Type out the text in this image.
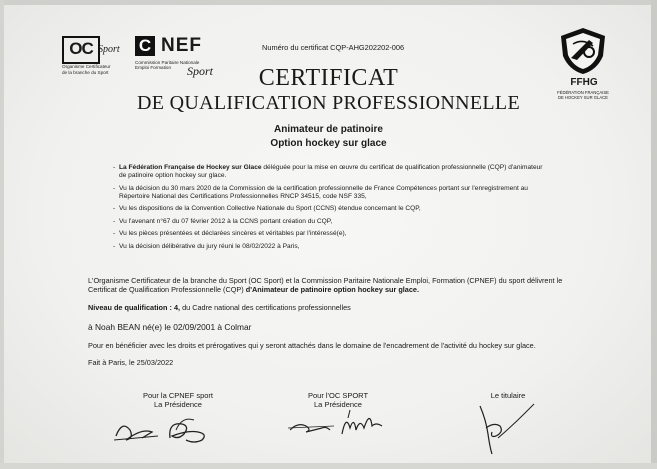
OC Sport
Organisme Certificateur
de la branche du Sport
C NEF
Commission Paritaire Nationale
Emploi Formation Sport
Numéro du certificat CQP-AHG202202-006
FFHG
FÉDÉRATION FRANÇAISE
DE HOCKEY SUR GLACE
CERTIFICAT
DE QUALIFICATION PROFESSIONNELLE
Animateur de patinoire
Option hockey sur glace
- La Fédération Française de Hockey sur Glace déléguée pour la mise en œuvre du certificat de qualification professionnelle (CQP) d'animateur de patinoire option hockey sur glace.
- Vu la décision du 30 mars 2020 de la Commission de la certification professionnelle de France Compétences portant sur l'enregistrement au Répertoire National des Certifications Professionnelles RNCP 34515, code NSF 335,
- Vu les dispositions de la Convention Collective Nationale du Sport (CCNS) étendue concernant le CQP,
- Vu l'avenant n°67 du 07 février 2012 à la CCNS portant création du CQP,
- Vu les pièces présentées et déclarées sincères et véritables par l'intéressé(e),
- Vu la décision délibérative du jury réuni le 08/02/2022 à Paris,
L'Organisme Certificateur de la branche du Sport (OC Sport) et la Commission Paritaire Nationale Emploi, Formation (CPNEF) du sport délivrent le Certificat de Qualification Professionnelle (CQP) d'Animateur de patinoire option hockey sur glace.
Niveau de qualification : 4, du Cadre national des certifications professionnelles
à Noah BEAN né(e) le 02/09/2001 à Colmar
Pour en bénéficier avec les droits et prérogatives qui y seront attachés dans le domaine de l'encadrement de l'activité du hockey sur glace.
Fait à Paris, le 25/03/2022
Pour la CPNEF sport
La Présidence
Pour l'OC SPORT
La Présidence
Le titulaire
